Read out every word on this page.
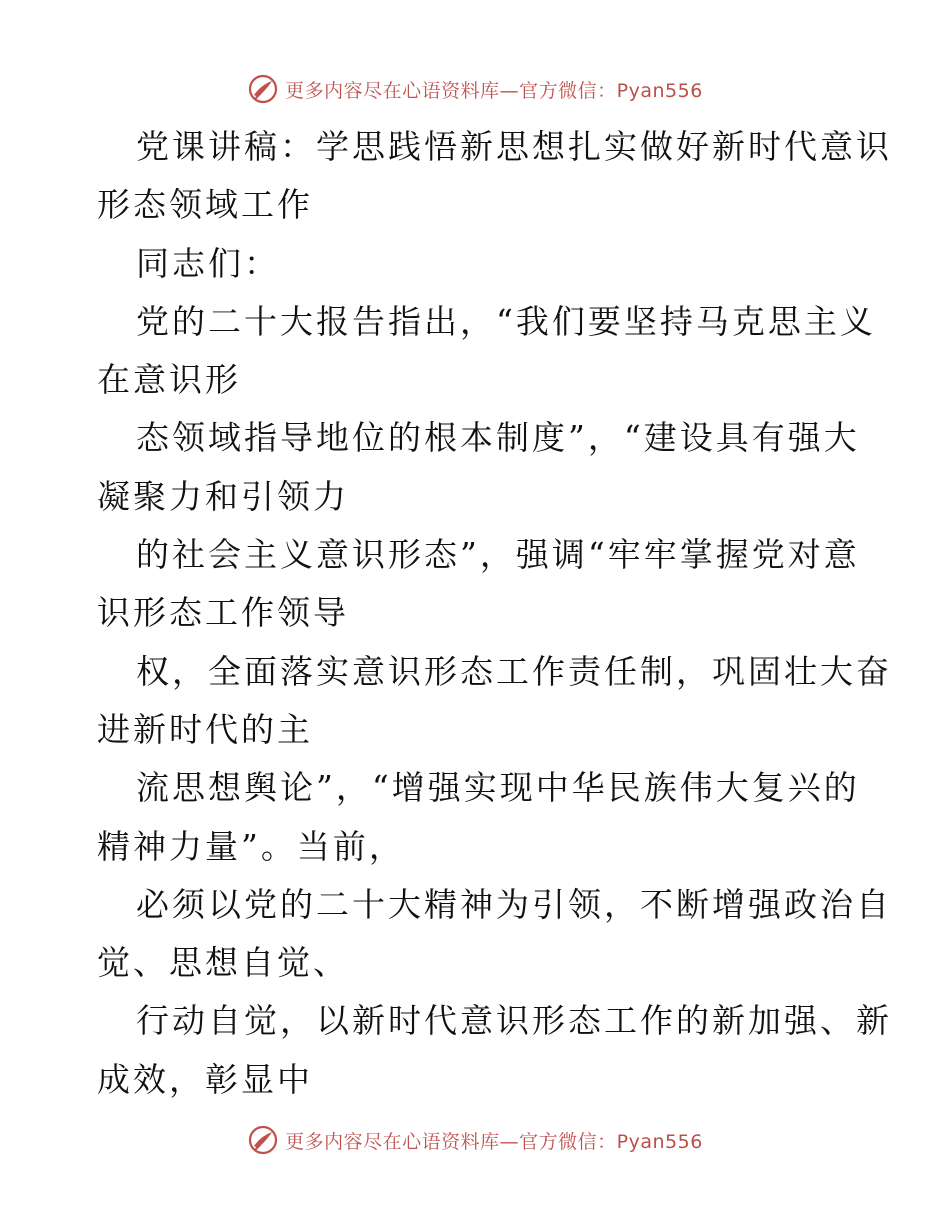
更多内容尽在心语资料库—官方微信：Pyan556

党课讲稿：学思践悟新思想扎实做好新时代意识

形态领域工作

同志们：

党的二十大报告指出，“我们要坚持马克思主义

在意识形

态领域指导地位的根本制度”，“建设具有强大

凝聚力和引领力

的社会主义意识形态”，强调“牢牢掌握党对意

识形态工作领导

权，全面落实意识形态工作责任制，巩固壮大奋

进新时代的主

流思想舆论”，“增强实现中华民族伟大复兴的

精神力量”。当前，

必须以党的二十大精神为引领，不断增强政治自

觉、思想自觉、

行动自觉，以新时代意识形态工作的新加强、新

成效，彰显中

更多内容尽在心语资料库—官方微信：Pyan556
